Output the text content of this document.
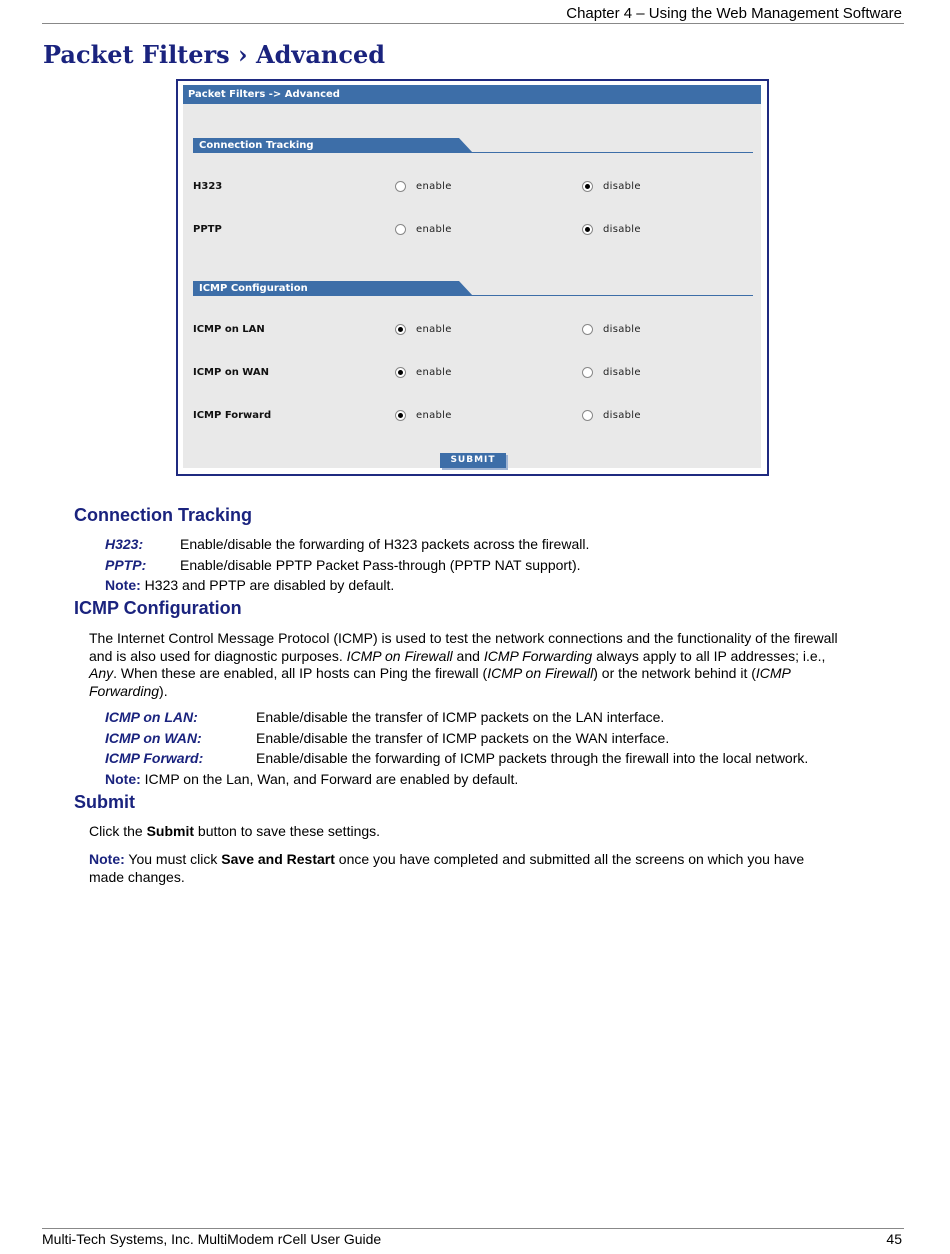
Chapter 4 – Using the Web Management Software
Packet Filters › Advanced
Packet Filters -> Advanced
Connection Tracking
H323	enable	disable
PPTP	enable	disable
ICMP Configuration
ICMP on LAN	enable	disable
ICMP on WAN	enable	disable
ICMP Forward	enable	disable
SUBMIT
Connection Tracking
H323:	Enable/disable the forwarding of H323 packets across the firewall.
PPTP: Enable/disable PPTP Packet Pass-through (PPTP NAT support).
Note: H323 and PPTP are disabled by default.
ICMP Configuration
The Internet Control Message Protocol (ICMP) is used to test the network connections and the functionality of the firewall
and is also used for diagnostic purposes. ICMP on Firewall and ICMP Forwarding always apply to all IP addresses; i.e.,
Any. When these are enabled, all IP hosts can Ping the firewall (ICMP on Firewall) or the network behind it (ICMP
Forwarding).
ICMP on LAN:	Enable/disable the transfer of ICMP packets on the LAN interface.
ICMP on WAN:	Enable/disable the transfer of ICMP packets on the WAN interface.
ICMP Forward:	Enable/disable the forwarding of ICMP packets through the firewall into the local network.
Note: ICMP on the Lan, Wan, and Forward are enabled by default.
Submit
Click the Submit button to save these settings.
Note: You must click Save and Restart once you have completed and submitted all the screens on which you have
made changes.
Multi-Tech Systems, Inc. MultiModem rCell User Guide	45
